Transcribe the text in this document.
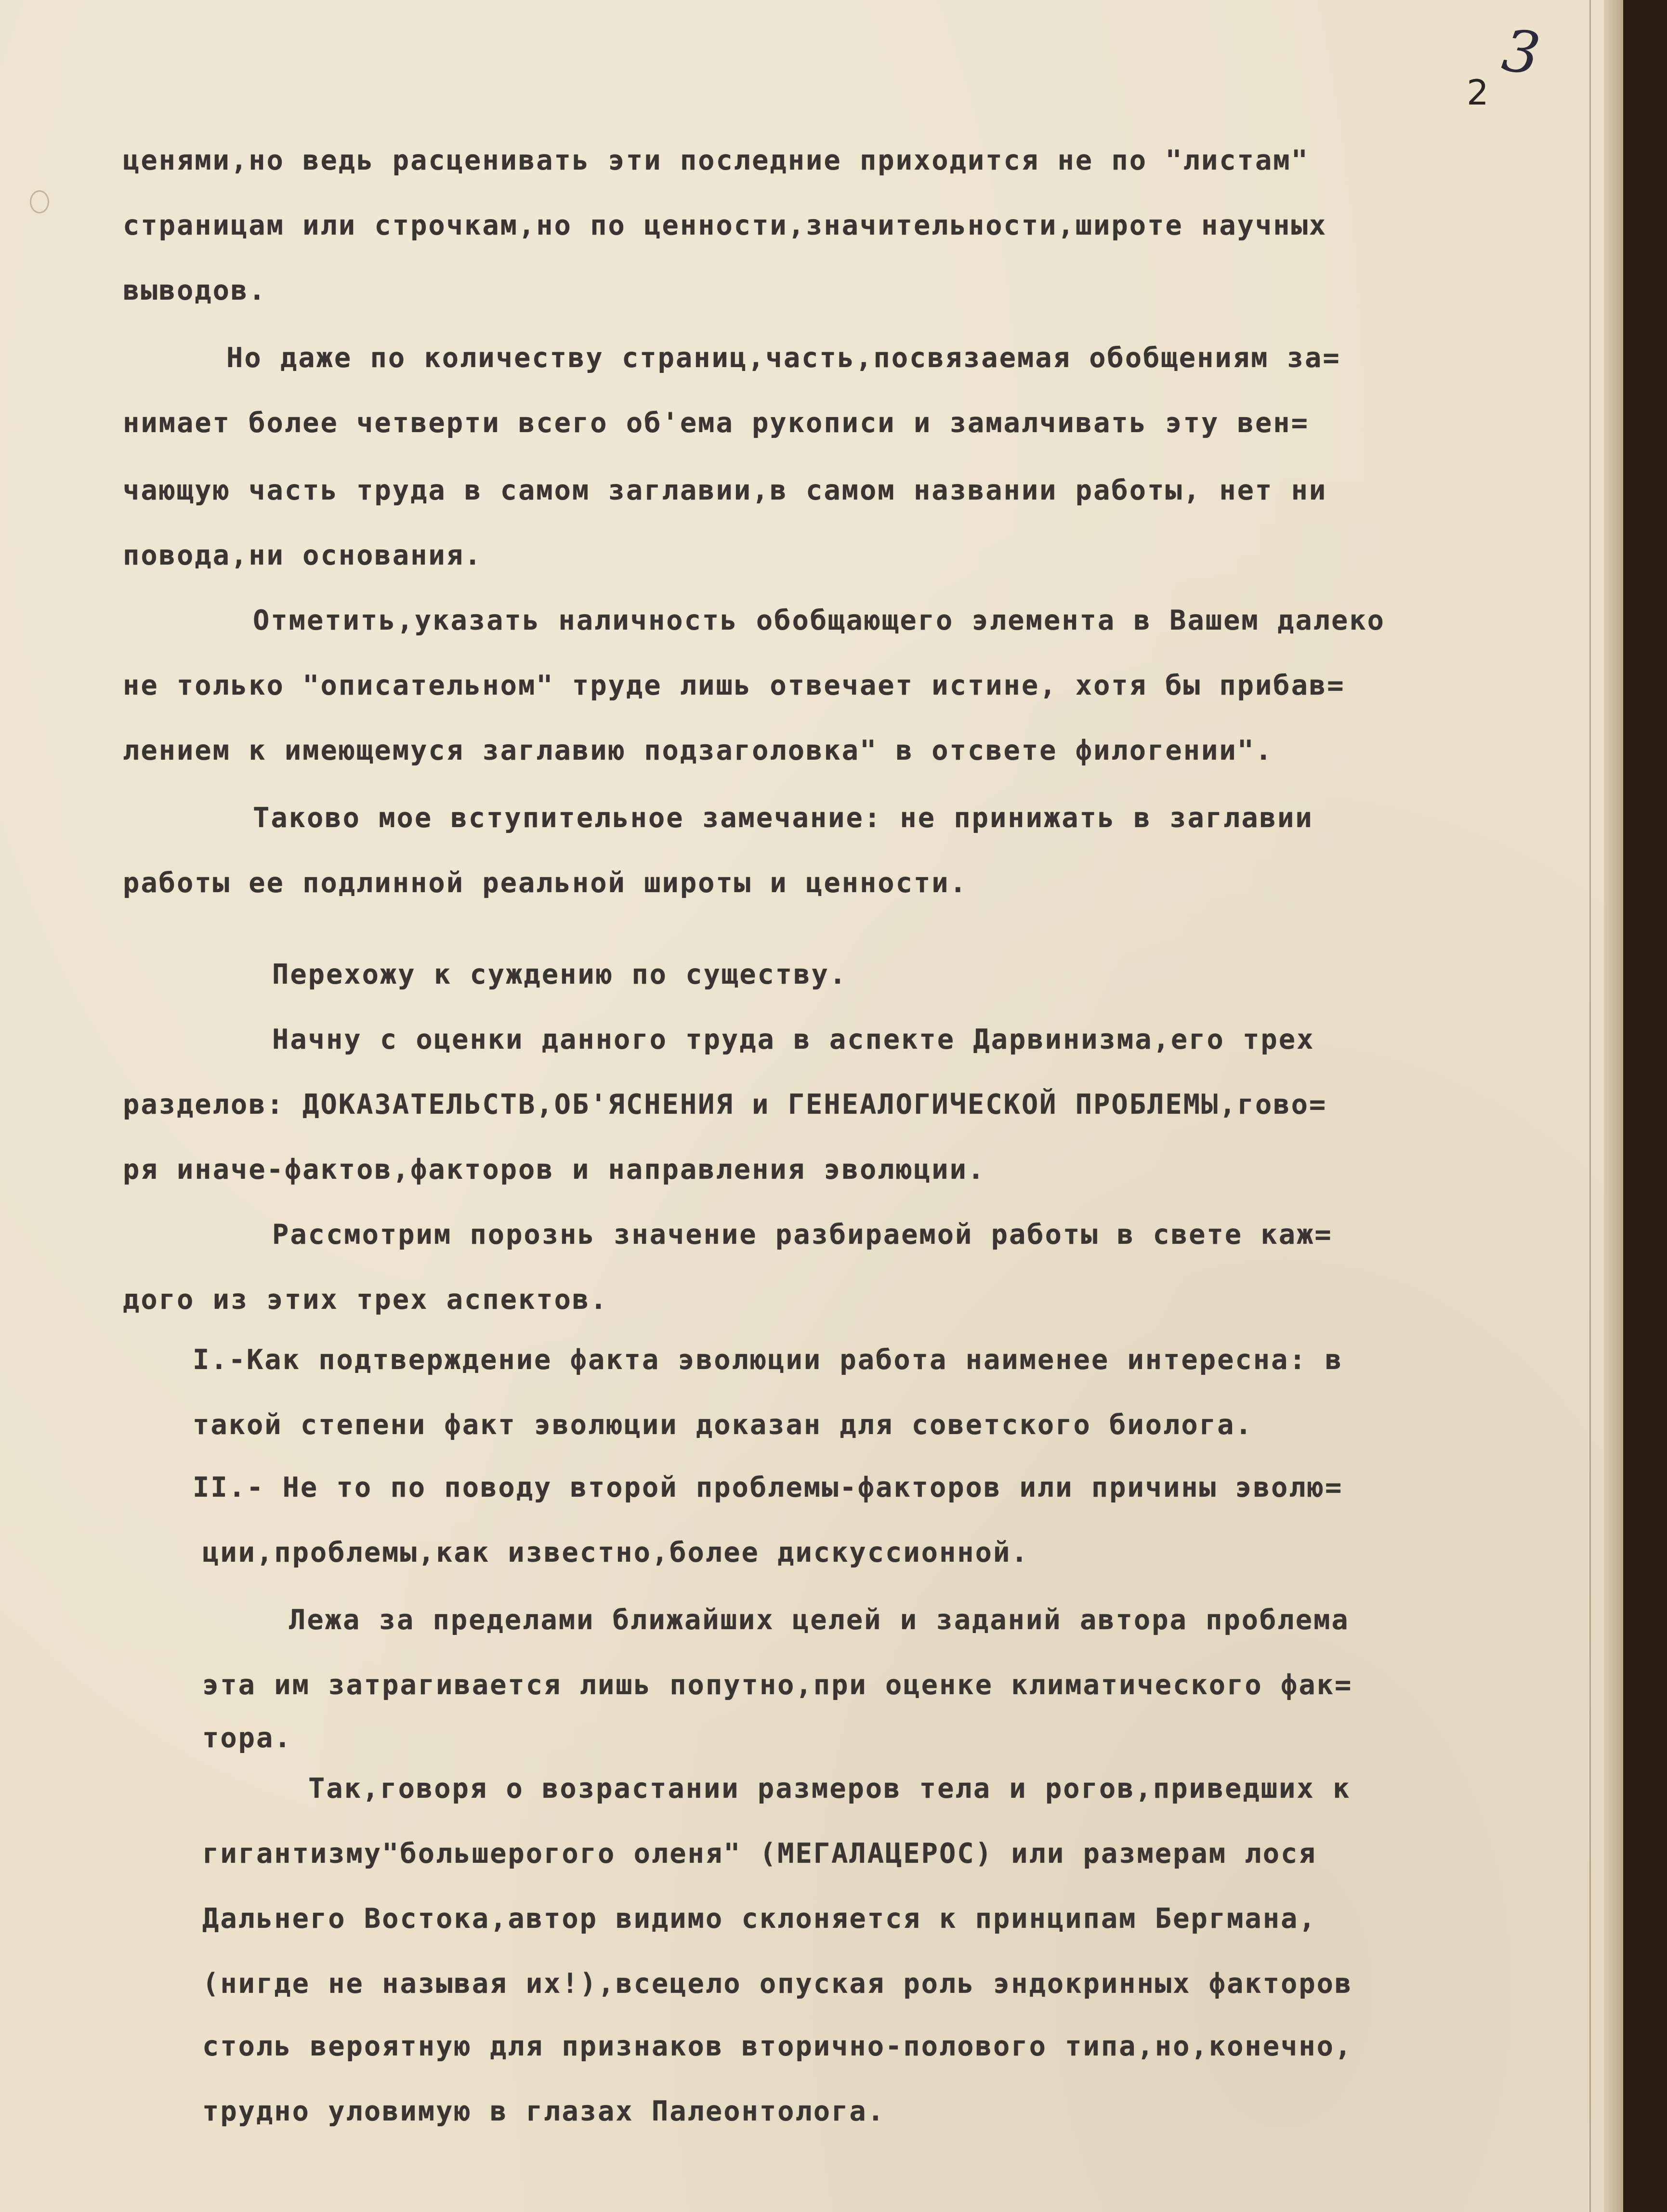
3
2
ценями,но ведь расценивать эти последние приходится не по "листам"
страницам или строчкам,но по ценности,значительности,широте научных
выводов.
Но даже по количеству страниц,часть,посвязаемая обобщениям за=
нимает более четверти всего об'ема рукописи и замалчивать эту вен=
чающую часть труда в самом заглавии,в самом названии работы, нет ни
повода,ни основания.
Отметить,указать наличность обобщающего элемента в Вашем далеко
не только "описательном" труде лишь отвечает истине, хотя бы прибав=
лением к имеющемуся заглавию подзаголовка" в отсвете филогении".
Таково мое вступительное замечание: не принижать в заглавии
работы ее подлинной реальной широты и ценности.
Перехожу к суждению по существу.
Начну с оценки данного труда в аспекте Дарвинизма,его трех
разделов: ДОКАЗАТЕЛЬСТВ,ОБ'ЯСНЕНИЯ и ГЕНЕАЛОГИЧЕСКОЙ ПРОБЛЕМЫ,гово=
ря иначе-фактов,факторов и направления эволюции.
Рассмотрим порознь значение разбираемой работы в свете каж=
дого из этих трех аспектов.
I.-Как подтверждение факта эволюции работа наименее интересна: в
такой степени факт эволюции доказан для советского биолога.
II.- Не то по поводу второй проблемы-факторов или причины эволю=
ции,проблемы,как известно,более дискуссионной.
Лежа за пределами ближайших целей и заданий автора проблема
эта им затрагивается лишь попутно,при оценке климатического фак=
тора.
Так,говоря о возрастании размеров тела и рогов,приведших к
гигантизму"большерогого оленя" (МЕГАЛАЦЕРОС) или размерам лося
Дальнего Востока,автор видимо склоняется к принципам Бергмана,
(нигде не называя их!),всецело опуская роль эндокринных факторов
столь вероятную для признаков вторично-полового типа,но,конечно,
трудно уловимую в глазах Палеонтолога.
